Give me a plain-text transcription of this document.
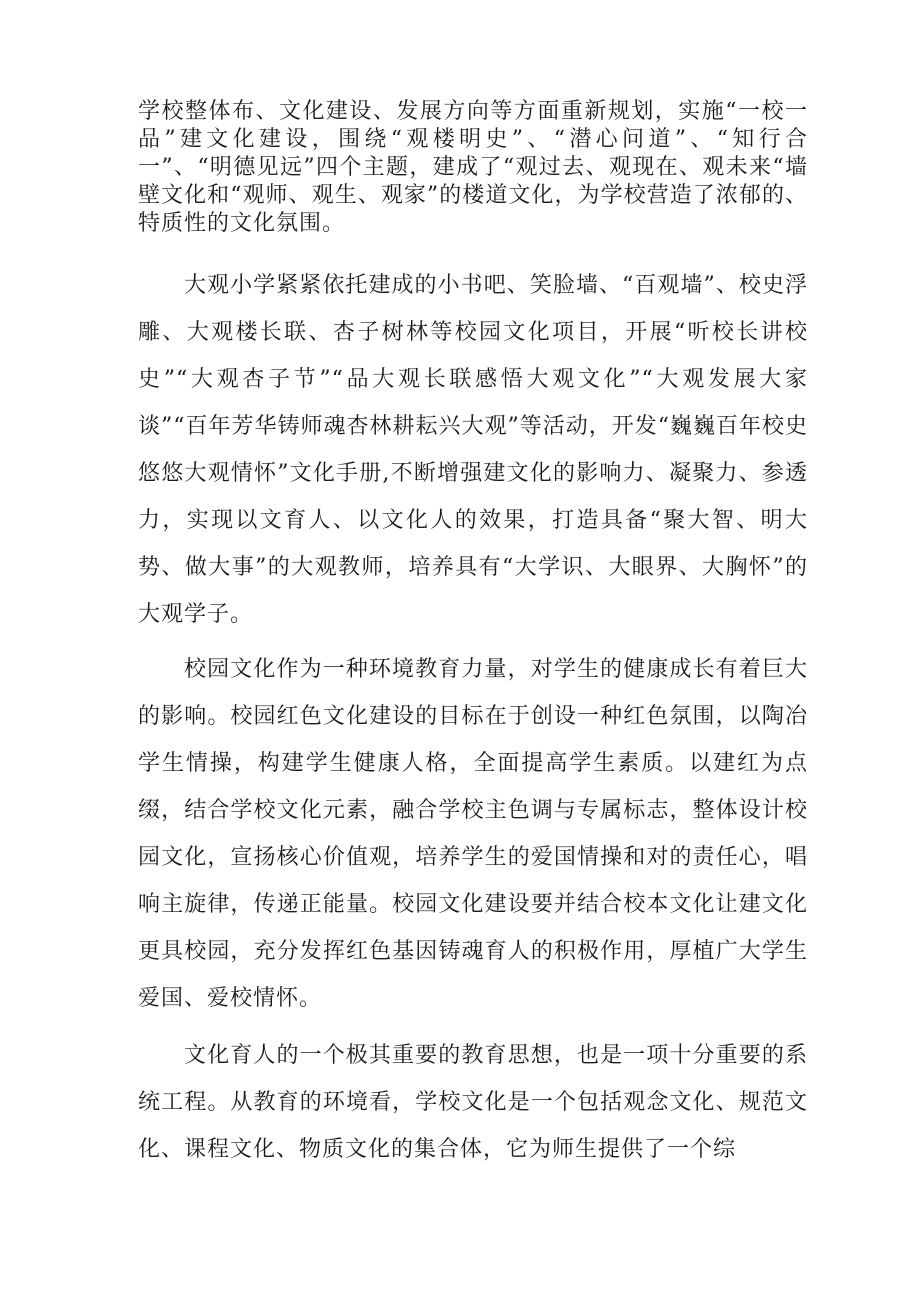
学校整体布、文化建设、发展方向等方面重新规划，实施“一校一品”建文化建设，围绕“观楼明史”、“潜心问道”、“知行合一”、“明德见远”四个主题，建成了“观过去、观现在、观未来“墙壁文化和“观师、观生、观家”的楼道文化，为学校营造了浓郁的、特质性的文化氛围。

大观小学紧紧依托建成的小书吧、笑脸墙、“百观墙”、校史浮雕、大观楼长联、杏子树林等校园文化项目，开展“听校长讲校史”“大观杏子节”“品大观长联感悟大观文化”“大观发展大家谈”“百年芳华铸师魂杏林耕耘兴大观”等活动，开发“巍巍百年校史悠悠大观情怀”文化手册,不断增强建文化的影响力、凝聚力、参透力，实现以文育人、以文化人的效果，打造具备“聚大智、明大势、做大事”的大观教师，培养具有“大学识、大眼界、大胸怀”的大观学子。

校园文化作为一种环境教育力量，对学生的健康成长有着巨大的影响。校园红色文化建设的目标在于创设一种红色氛围，以陶冶学生情操，构建学生健康人格，全面提高学生素质。以建红为点缀，结合学校文化元素，融合学校主色调与专属标志，整体设计校园文化，宣扬核心价值观，培养学生的爱国情操和对的责任心，唱响主旋律，传递正能量。校园文化建设要并结合校本文化让建文化更具校园，充分发挥红色基因铸魂育人的积极作用，厚植广大学生爱国、爱校情怀。

文化育人的一个极其重要的教育思想，也是一项十分重要的系统工程。从教育的环境看，学校文化是一个包括观念文化、规范文化、课程文化、物质文化的集合体，它为师生提供了一个综
